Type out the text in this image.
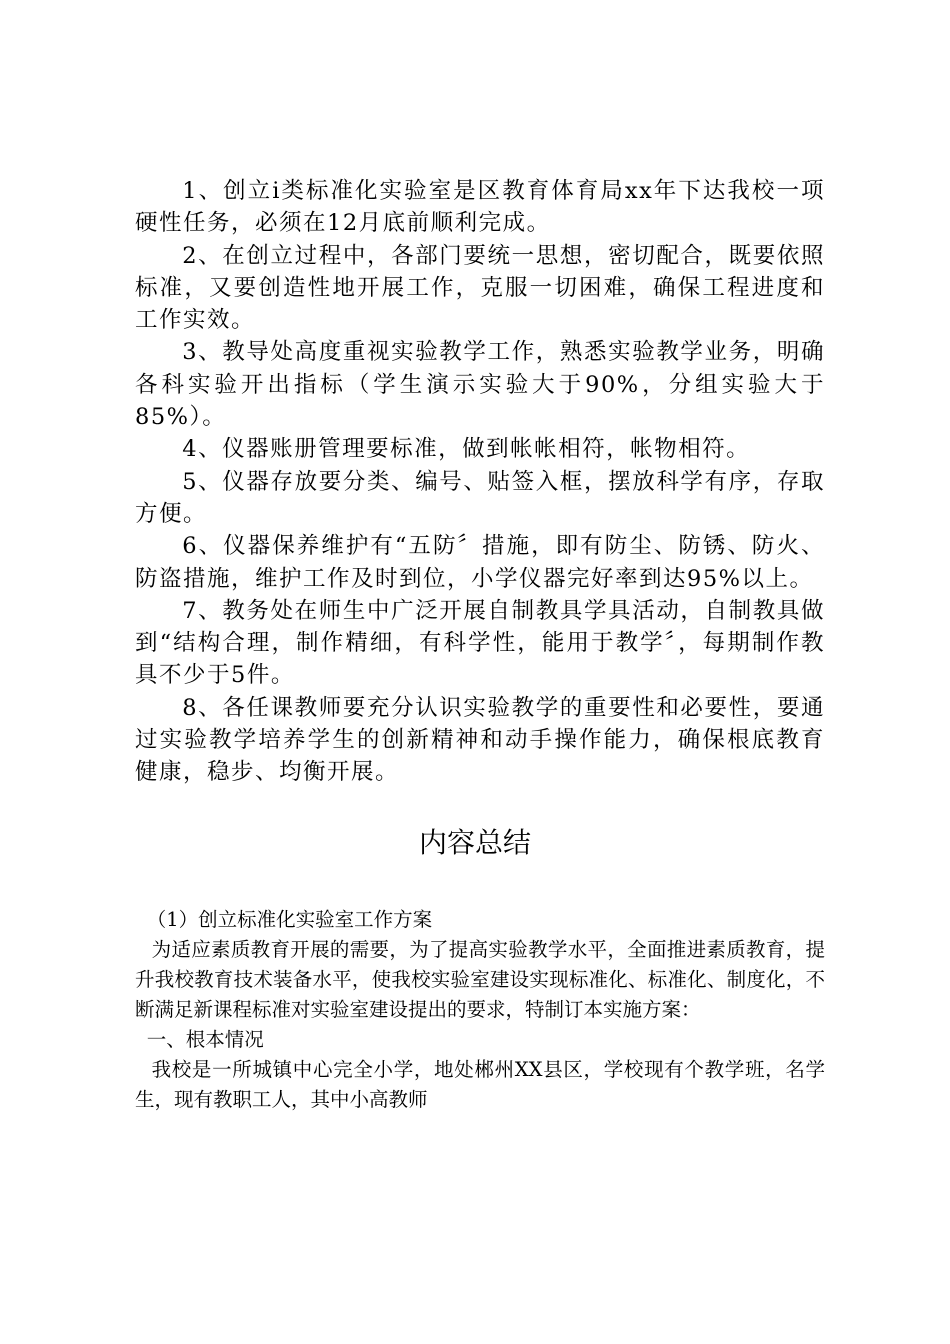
1、创立i类标准化实验室是区教育体育局xx年下达我校一项硬性任务，必须在12月底前顺利完成。

2、在创立过程中，各部门要统一思想，密切配合，既要依照标准，又要创造性地开展工作，克服一切困难，确保工程进度和工作实效。

3、教导处高度重视实验教学工作，熟悉实验教学业务，明确各科实验开出指标（学生演示实验大于90%，分组实验大于85%）。

4、仪器账册管理要标准，做到帐帐相符，帐物相符。

5、仪器存放要分类、编号、贴签入框，摆放科学有序，存取方便。

6、仪器保养维护有“五防〞措施，即有防尘、防锈、防火、防盗措施，维护工作及时到位，小学仪器完好率到达95%以上。

7、教务处在师生中广泛开展自制教具学具活动，自制教具做到“结构合理，制作精细，有科学性，能用于教学〞，每期制作教具不少于5件。

8、各任课教师要充分认识实验教学的重要性和必要性，要通过实验教学培养学生的创新精神和动手操作能力，确保根底教育健康，稳步、均衡开展。

内容总结

（1）创立标准化实验室工作方案

为适应素质教育开展的需要，为了提高实验教学水平，全面推进素质教育，提升我校教育技术装备水平，使我校实验室建设实现标准化、标准化、制度化，不断满足新课程标准对实验室建设提出的要求，特制订本实施方案：

一、根本情况

我校是一所城镇中心完全小学，地处郴州XX县区，学校现有个教学班，名学生，现有教职工人，其中小高教师
